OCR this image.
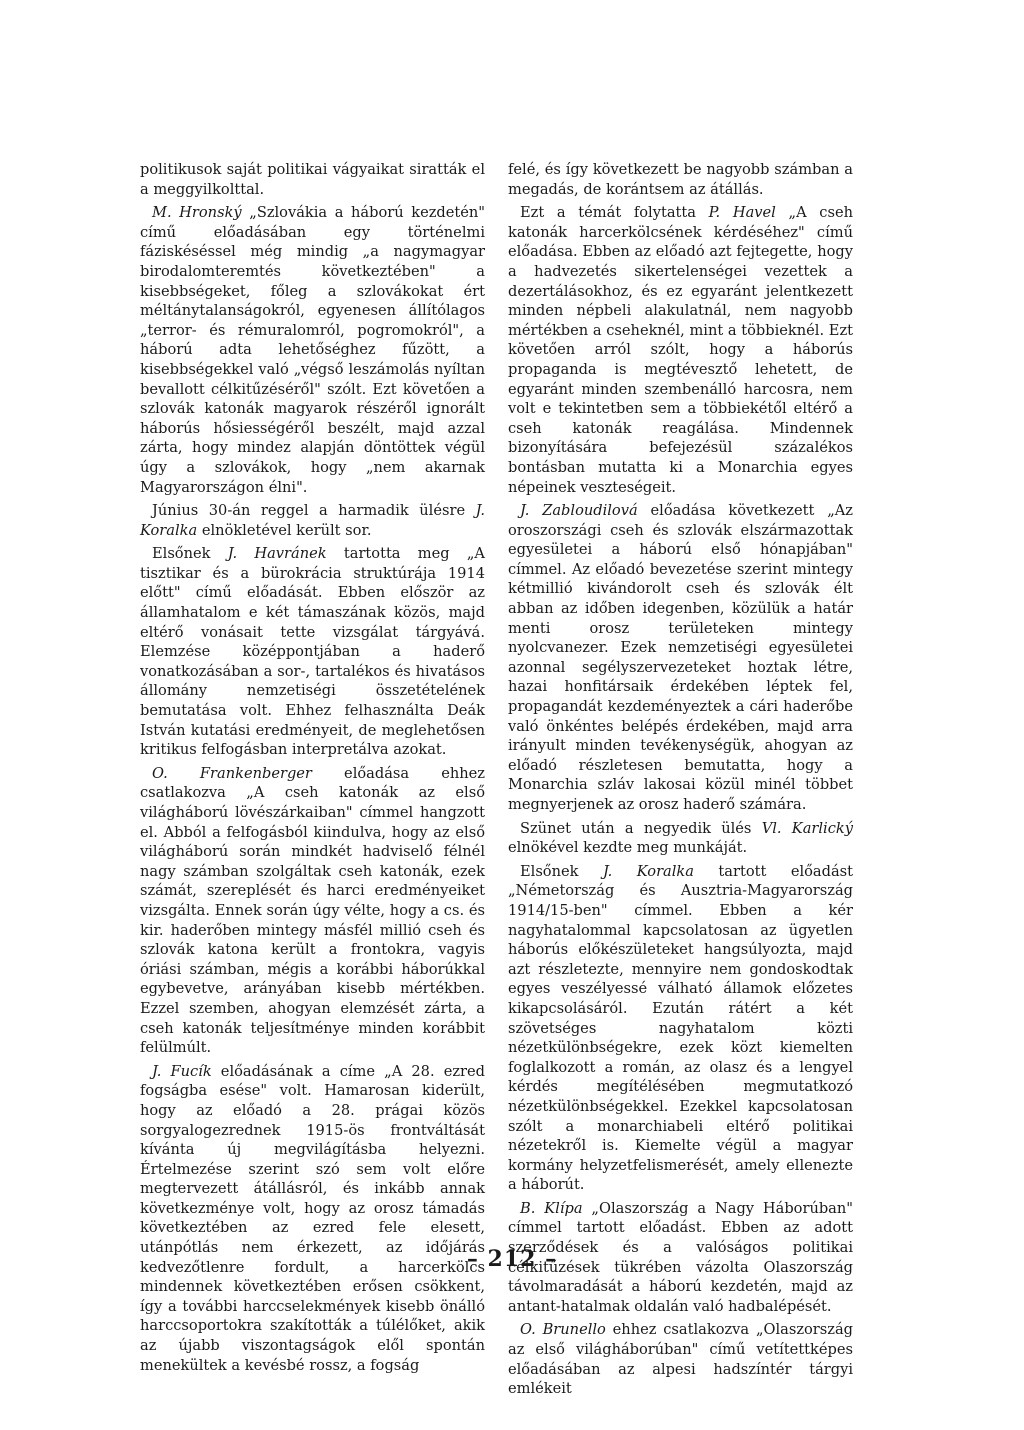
politikusok saját politikai vágyaikat siratták el a meggyilkolttal.

M. Hronský „Szlovákia a háború kezdetén" című előadásában egy történelmi fáziskéséssel még mindig „a nagymagyar birodalomteremtés következtében" a kisebbségeket, főleg a szlovákokat ért méltánytalanságokról, egyenesen állítólagos „terror- és rémuralomról, pogromokról", a háború adta lehetőséghez fűzött, a kisebbségekkel való „végső leszámolás nyíltan bevallott célkitűzéséről" szólt. Ezt követően a szlovák katonák magyarok részéről ignorált háborús hősiességéről beszélt, majd azzal zárta, hogy mindez alapján döntöttek végül úgy a szlovákok, hogy „nem akarnak Magyarországon élni".

Június 30-án reggel a harmadik ülésre J. Koralka elnökletével került sor.

Elsőnek J. Havránek tartotta meg „A tisztikar és a bürokrácia struktúrája 1914 előtt" című előadását. Ebben először az államhatalom e két támaszának közös, majd eltérő vonásait tette vizsgálat tárgyává. Elemzése középpontjában a haderő vonatkozásában a sor-, tartalékos és hivatásos állomány nemzetiségi összetételének bemutatása volt. Ehhez felhasználta Deák István kutatási eredményeit, de meglehetősen kritikus felfogásban interpretálva azokat.

O. Frankenberger előadása ehhez csatlakozva „A cseh katonák az első világháború lövészárkaiban" címmel hangzott el. Abból a felfogásból kiindulva, hogy az első világháború során mindkét hadviselő félnél nagy számban szolgáltak cseh katonák, ezek számát, szereplését és harci eredményeiket vizsgálta. Ennek során úgy vélte, hogy a cs. és kir. haderőben mintegy másfél millió cseh és szlovák katona került a frontokra, vagyis óriási számban, mégis a korábbi háborúkkal egybevetve, arányában kisebb mértékben. Ezzel szemben, ahogyan elemzését zárta, a cseh katonák teljesítménye minden korábbit felülmúlt.

J. Fucík előadásának a címe „A 28. ezred fogságba esése" volt. Hamarosan kiderült, hogy az előadó a 28. prágai közös sorgyalogezrednek 1915-ös frontváltását kívánta új megvilágításba helyezni. Értelmezése szerint szó sem volt előre megtervezett átállásról, és inkább annak következménye volt, hogy az orosz támadás következtében az ezred fele elesett, utánpótlás nem érkezett, az időjárás kedvezőtlenre fordult, a harcerkölcs mindennek következtében erősen csökkent, így a további harccselekmények kisebb önálló harccsoportokra szakították a túlélőket, akik az újabb viszontagságok elől spontán menekültek a kevésbé rossz, a fogság

felé, és így következett be nagyobb számban a megadás, de korántsem az átállás.

Ezt a témát folytatta P. Havel „A cseh katonák harcerkölcsének kérdéséhez" című előadása. Ebben az előadó azt fejtegette, hogy a hadvezetés sikertelenségei vezettek a dezertálásokhoz, és ez egyaránt jelentkezett minden népbeli alakulatnál, nem nagyobb mértékben a cseheknél, mint a többieknél. Ezt követően arról szólt, hogy a háborús propaganda is megtévesztő lehetett, de egyaránt minden szembenálló harcosra, nem volt e tekintetben sem a többiekétől eltérő a cseh katonák reagálása. Mindennek bizonyítására befejezésül százalékos bontásban mutatta ki a Monarchia egyes népeinek veszteségeit.

J. Zabloudilová előadása következett „Az oroszországi cseh és szlovák elszármazottak egyesületei a háború első hónapjában" címmel. Az előadó bevezetése szerint mintegy kétmillió kivándorolt cseh és szlovák élt abban az időben idegenben, közülük a határ menti orosz területeken mintegy nyolcvanezer. Ezek nemzetiségi egyesületei azonnal segélyszervezeteket hoztak létre, hazai honfitársaik érdekében léptek fel, propagandát kezdeményeztek a cári haderőbe való önkéntes belépés érdekében, majd arra irányult minden tevékenységük, ahogyan az előadó részletesen bemutatta, hogy a Monarchia szláv lakosai közül minél többet megnyerjenek az orosz haderő számára.

Szünet után a negyedik ülés Vl. Karlický elnökével kezdte meg munkáját.

Elsőnek J. Koralka tartott előadást „Németország és Ausztria-Magyarország 1914/15-ben" címmel. Ebben a kér nagyhatalommal kapcsolatosan az ügyetlen háborús előkészületeket hangsúlyozta, majd azt részletezte, mennyire nem gondoskodtak egyes veszélyessé válható államok előzetes kikapcsolásáról. Ezután rátért a két szövetséges nagyhatalom közti nézetkülönbségekre, ezek közt kiemelten foglalkozott a román, az olasz és a lengyel kérdés megítélésében megmutatkozó nézetkülönbségekkel. Ezekkel kapcsolatosan szólt a monarchiabeli eltérő politikai nézetekről is. Kiemelte végül a magyar kormány helyzetfelismerését, amely ellenezte a háborút.

B. Klípa „Olaszország a Nagy Háborúban" címmel tartott előadást. Ebben az adott szerződések és a valóságos politikai célkitűzések tükrében vázolta Olaszország távolmaradását a háború kezdetén, majd az antant-hatalmak oldalán való hadbalépését.

O. Brunello ehhez csatlakozva „Olaszország az első világháborúban" című vetítettképes előadásában az alpesi hadszíntér tárgyi emlékeit

– 212 –
